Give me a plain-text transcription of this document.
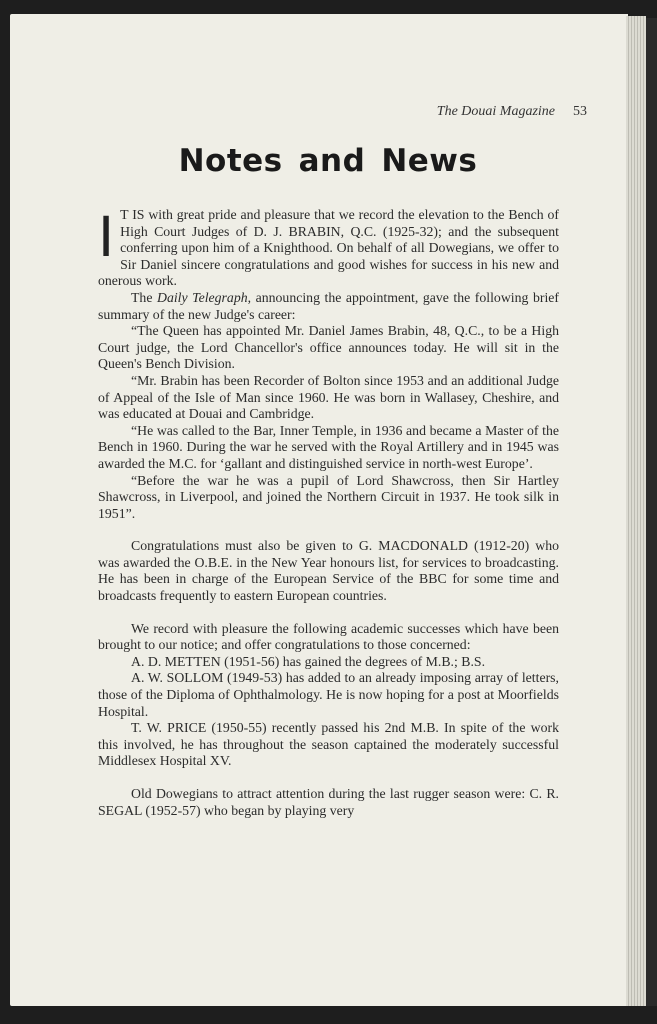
The Douai Magazine 53
Notes and News

I T IS with great pride and pleasure that we record the elevation to the Bench of High Court Judges of D. J. BRABIN, Q.C. (1925-32); and the subsequent conferring upon him of a Knighthood. On behalf of all Dowegians, we offer to Sir Daniel sincere congratulations and good wishes for success in his new and onerous work.

The Daily Telegraph, announcing the appointment, gave the following brief summary of the new Judge's career:

“The Queen has appointed Mr. Daniel James Brabin, 48, Q.C., to be a High Court judge, the Lord Chancellor's office announces today. He will sit in the Queen's Bench Division.

“Mr. Brabin has been Recorder of Bolton since 1953 and an additional Judge of Appeal of the Isle of Man since 1960. He was born in Wallasey, Cheshire, and was educated at Douai and Cambridge.

“He was called to the Bar, Inner Temple, in 1936 and became a Master of the Bench in 1960. During the war he served with the Royal Artillery and in 1945 was awarded the M.C. for ‘gallant and distinguished service in north-west Europe’.

“Before the war he was a pupil of Lord Shawcross, then Sir Hartley Shawcross, in Liverpool, and joined the Northern Circuit in 1937. He took silk in 1951”.

Congratulations must also be given to G. MACDONALD (1912-20) who was awarded the O.B.E. in the New Year honours list, for services to broadcasting. He has been in charge of the European Service of the BBC for some time and broadcasts frequently to eastern European countries.

We record with pleasure the following academic successes which have been brought to our notice; and offer congratulations to those concerned:

A. D. METTEN (1951-56) has gained the degrees of M.B.; B.S.

A. W. SOLLOM (1949-53) has added to an already imposing array of letters, those of the Diploma of Ophthalmology. He is now hoping for a post at Moorfields Hospital.

T. W. PRICE (1950-55) recently passed his 2nd M.B. In spite of the work this involved, he has throughout the season captained the moderately successful Middlesex Hospital XV.

Old Dowegians to attract attention during the last rugger season were: C. R. SEGAL (1952-57) who began by playing very
